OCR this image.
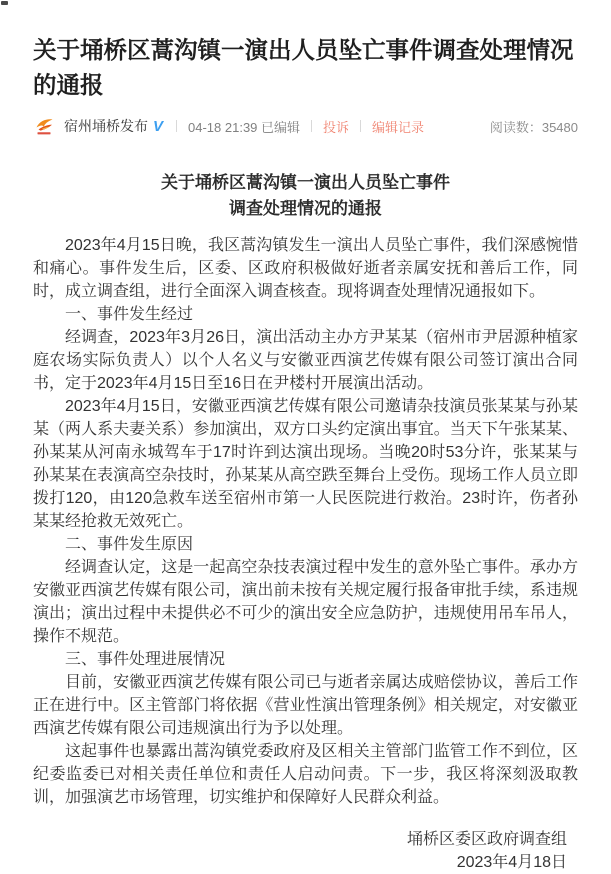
关于埇桥区蒿沟镇一演出人员坠亡事件调查处理情况的通报
宿州埇桥发布 V 04-18 21:39 已编辑 投诉 编辑记录	阅读数：35480
关于埇桥区蒿沟镇一演出人员坠亡事件
调查处理情况的通报

2023年4月15日晚，我区蒿沟镇发生一演出人员坠亡事件，我们深感惋惜和痛心。事件发生后，区委、区政府积极做好逝者亲属安抚和善后工作，同时，成立调查组，进行全面深入调查核查。现将调查处理情况通报如下。

一、事件发生经过

经调查，2023年3月26日，演出活动主办方尹某某（宿州市尹居源种植家庭农场实际负责人）以个人名义与安徽亚西演艺传媒有限公司签订演出合同书，定于2023年4月15日至16日在尹楼村开展演出活动。

2023年4月15日，安徽亚西演艺传媒有限公司邀请杂技演员张某某与孙某某（两人系夫妻关系）参加演出，双方口头约定演出事宜。当天下午张某某、孙某某从河南永城驾车于17时许到达演出现场。当晚20时53分许，张某某与孙某某在表演高空杂技时，孙某某从高空跌至舞台上受伤。现场工作人员立即拨打120，由120急救车送至宿州市第一人民医院进行救治。23时许，伤者孙某某经抢救无效死亡。

二、事件发生原因

经调查认定，这是一起高空杂技表演过程中发生的意外坠亡事件。承办方安徽亚西演艺传媒有限公司，演出前未按有关规定履行报备审批手续，系违规演出；演出过程中未提供必不可少的演出安全应急防护，违规使用吊车吊人，操作不规范。

三、事件处理进展情况

目前，安徽亚西演艺传媒有限公司已与逝者亲属达成赔偿协议，善后工作正在进行中。区主管部门将依据《营业性演出管理条例》相关规定，对安徽亚西演艺传媒有限公司违规演出行为予以处理。

这起事件也暴露出蒿沟镇党委政府及区相关主管部门监管工作不到位，区纪委监委已对相关责任单位和责任人启动问责。下一步，我区将深刻汲取教训，加强演艺市场管理，切实维护和保障好人民群众利益。

埇桥区委区政府调查组
2023年4月18日
